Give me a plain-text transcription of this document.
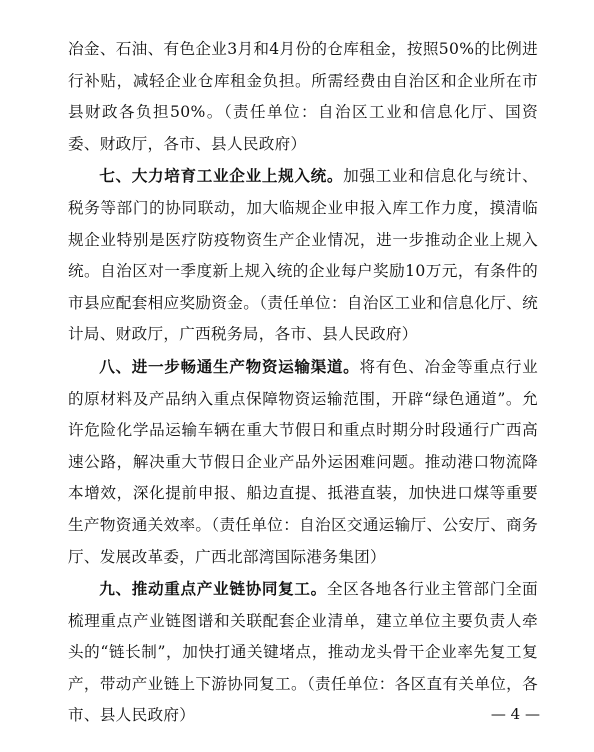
冶金、石油、有色企业3月和4月份的仓库租金，按照50%的比例进行补贴，减轻企业仓库租金负担。所需经费由自治区和企业所在市县财政各负担50%。（责任单位：自治区工业和信息化厅、国资委、财政厅，各市、县人民政府）

七、大力培育工业企业上规入统。加强工业和信息化与统计、税务等部门的协同联动，加大临规企业申报入库工作力度，摸清临规企业特别是医疗防疫物资生产企业情况，进一步推动企业上规入统。自治区对一季度新上规入统的企业每户奖励10万元，有条件的市县应配套相应奖励资金。（责任单位：自治区工业和信息化厅、统计局、财政厅，广西税务局，各市、县人民政府）

八、进一步畅通生产物资运输渠道。将有色、冶金等重点行业的原材料及产品纳入重点保障物资运输范围，开辟“绿色通道”。允许危险化学品运输车辆在重大节假日和重点时期分时段通行广西高速公路，解决重大节假日企业产品外运困难问题。推动港口物流降本增效，深化提前申报、船边直提、抵港直装，加快进口煤等重要生产物资通关效率。（责任单位：自治区交通运输厅、公安厅、商务厅、发展改革委，广西北部湾国际港务集团）

九、推动重点产业链协同复工。全区各地各行业主管部门全面梳理重点产业链图谱和关联配套企业清单，建立单位主要负责人牵头的“链长制”，加快打通关键堵点，推动龙头骨干企业率先复工复产，带动产业链上下游协同复工。（责任单位：各区直有关单位，各市、县人民政府）	— 4 —
